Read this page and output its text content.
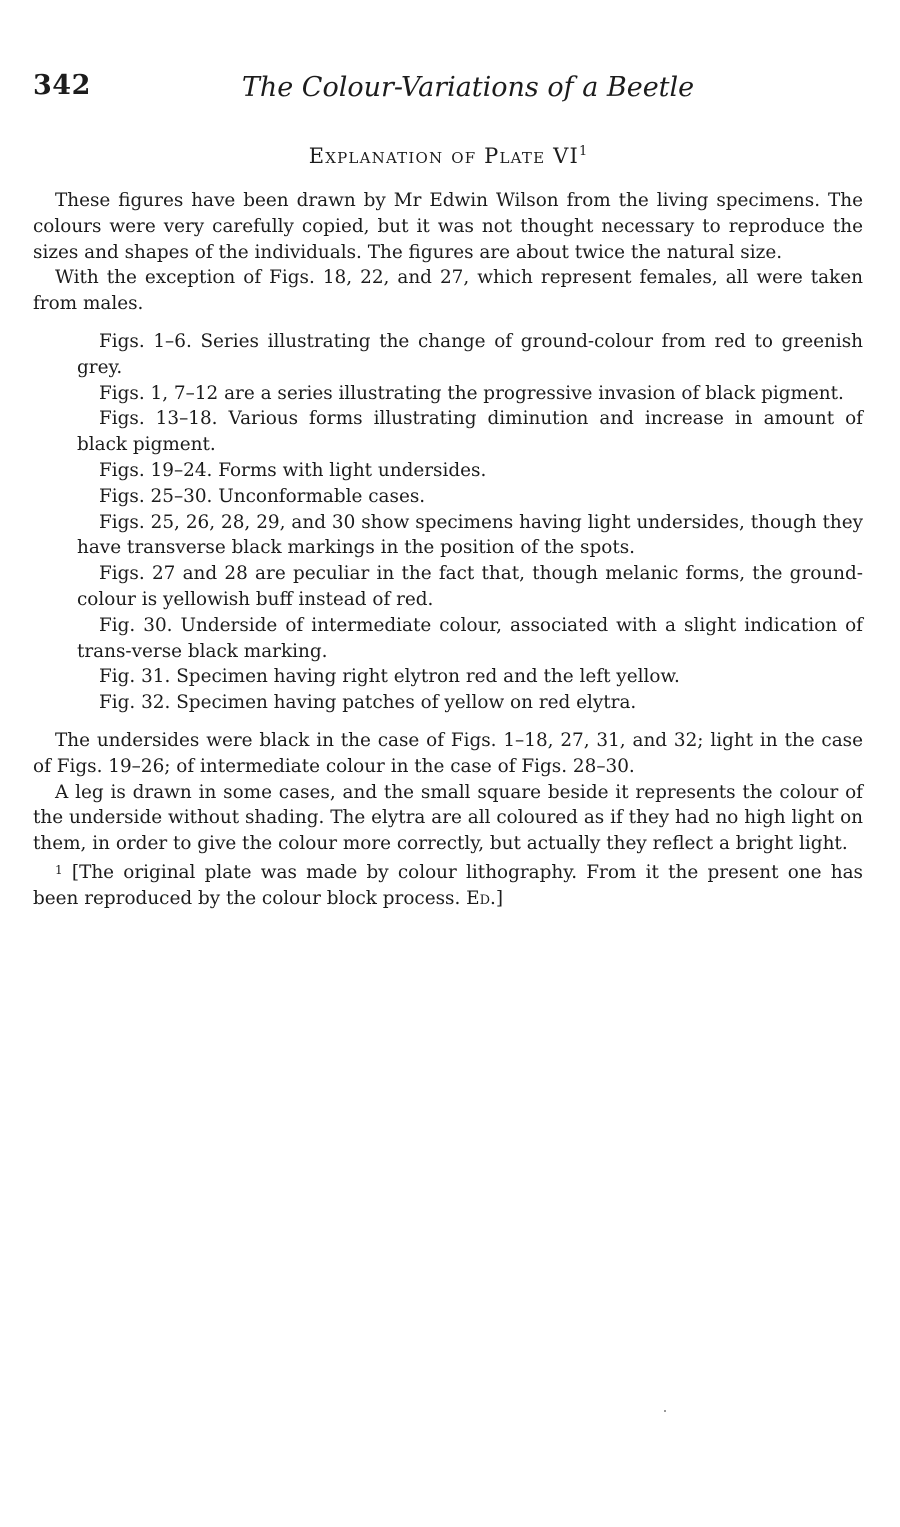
342	The Colour-Variations of a Beetle
Explanation of Plate $VI^1$

These figures have been drawn by Mr Edwin Wilson from the living specimens. The colours were very carefully copied, but it was not thought necessary to reproduce the sizes and shapes of the individuals. The figures are about twice the natural size.

With the exception of Figs. 18, 22, and 27, which represent females, all were taken from males.

Figs. 1–6. Series illustrating the change of ground-colour from red to greenish grey.

Figs. 1, 7–12 are a series illustrating the progressive invasion of black pigment.

Figs. 13–18. Various forms illustrating diminution and increase in amount of black pigment.

Figs. 19–24. Forms with light undersides.

Figs. 25–30. Unconformable cases.

Figs. 25, 26, 28, 29, and 30 show specimens having light undersides, though they have transverse black markings in the position of the spots.

Figs. 27 and 28 are peculiar in the fact that, though melanic forms, the ground-colour is yellowish buff instead of red.

Fig. 30. Underside of intermediate colour, associated with a slight indication of trans-verse black marking.

Fig. 31. Specimen having right elytron red and the left yellow.

Fig. 32. Specimen having patches of yellow on red elytra.

The undersides were black in the case of Figs. 1–18, 27, 31, and 32; light in the case of Figs. 19–26; of intermediate colour in the case of Figs. 28–30.

A leg is drawn in some cases, and the small square beside it represents the colour of the underside without shading. The elytra are all coloured as if they had no high light on them, in order to give the colour more correctly, but actually they reflect a bright light.

$^1$ [The original plate was made by colour lithography. From it the present one has been reproduced by the colour block process. Ed.]
